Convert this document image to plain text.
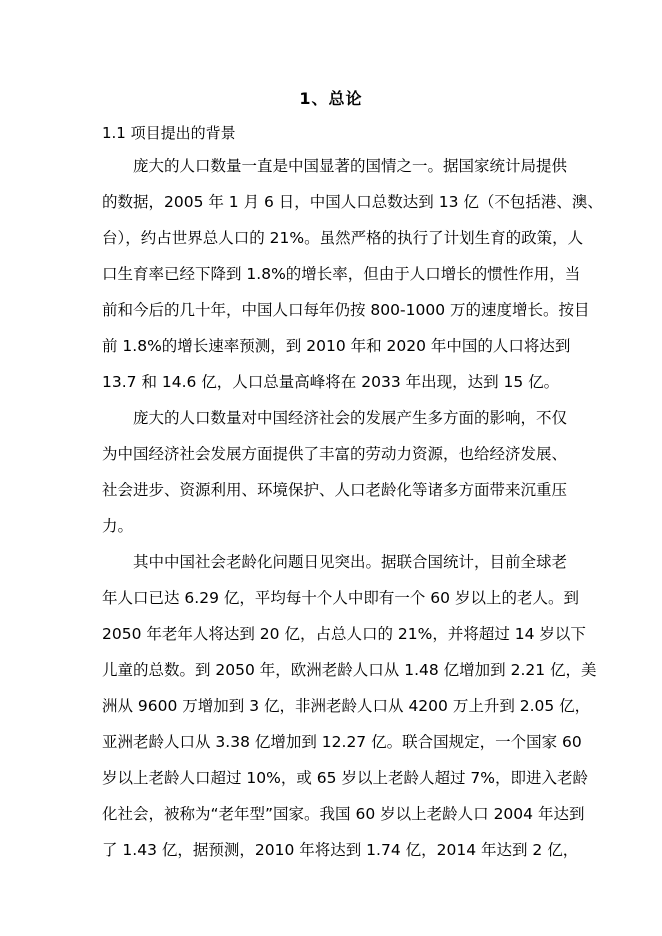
1、总论
1.1 项目提出的背景
庞大的人口数量一直是中国显著的国情之一。据国家统计局提供
的数据，2005 年 1 月 6 日，中国人口总数达到 13 亿（不包括港、澳、
台），约占世界总人口的 21%。虽然严格的执行了计划生育的政策，人
口生育率已经下降到 1.8%的增长率，但由于人口增长的惯性作用，当
前和今后的几十年，中国人口每年仍按 800-1000 万的速度增长。按目
前 1.8%的增长速率预测，到 2010 年和 2020 年中国的人口将达到
13.7 和 14.6 亿，人口总量高峰将在 2033 年出现，达到 15 亿。
庞大的人口数量对中国经济社会的发展产生多方面的影响，不仅
为中国经济社会发展方面提供了丰富的劳动力资源，也给经济发展、
社会进步、资源利用、环境保护、人口老龄化等诸多方面带来沉重压
力。
其中中国社会老龄化问题日见突出。据联合国统计，目前全球老
年人口已达 6.29 亿，平均每十个人中即有一个 60 岁以上的老人。到
2050 年老年人将达到 20 亿，占总人口的 21%，并将超过 14 岁以下
儿童的总数。到 2050 年，欧洲老龄人口从 1.48 亿增加到 2.21 亿，美
洲从 9600 万增加到 3 亿，非洲老龄人口从 4200 万上升到 2.05 亿，
亚洲老龄人口从 3.38 亿增加到 12.27 亿。联合国规定，一个国家 60
岁以上老龄人口超过 10%，或 65 岁以上老龄人超过 7%，即进入老龄
化社会，被称为“老年型”国家。我国 60 岁以上老龄人口 2004 年达到
了 1.43 亿，据预测，2010 年将达到 1.74 亿，2014 年达到 2 亿，
